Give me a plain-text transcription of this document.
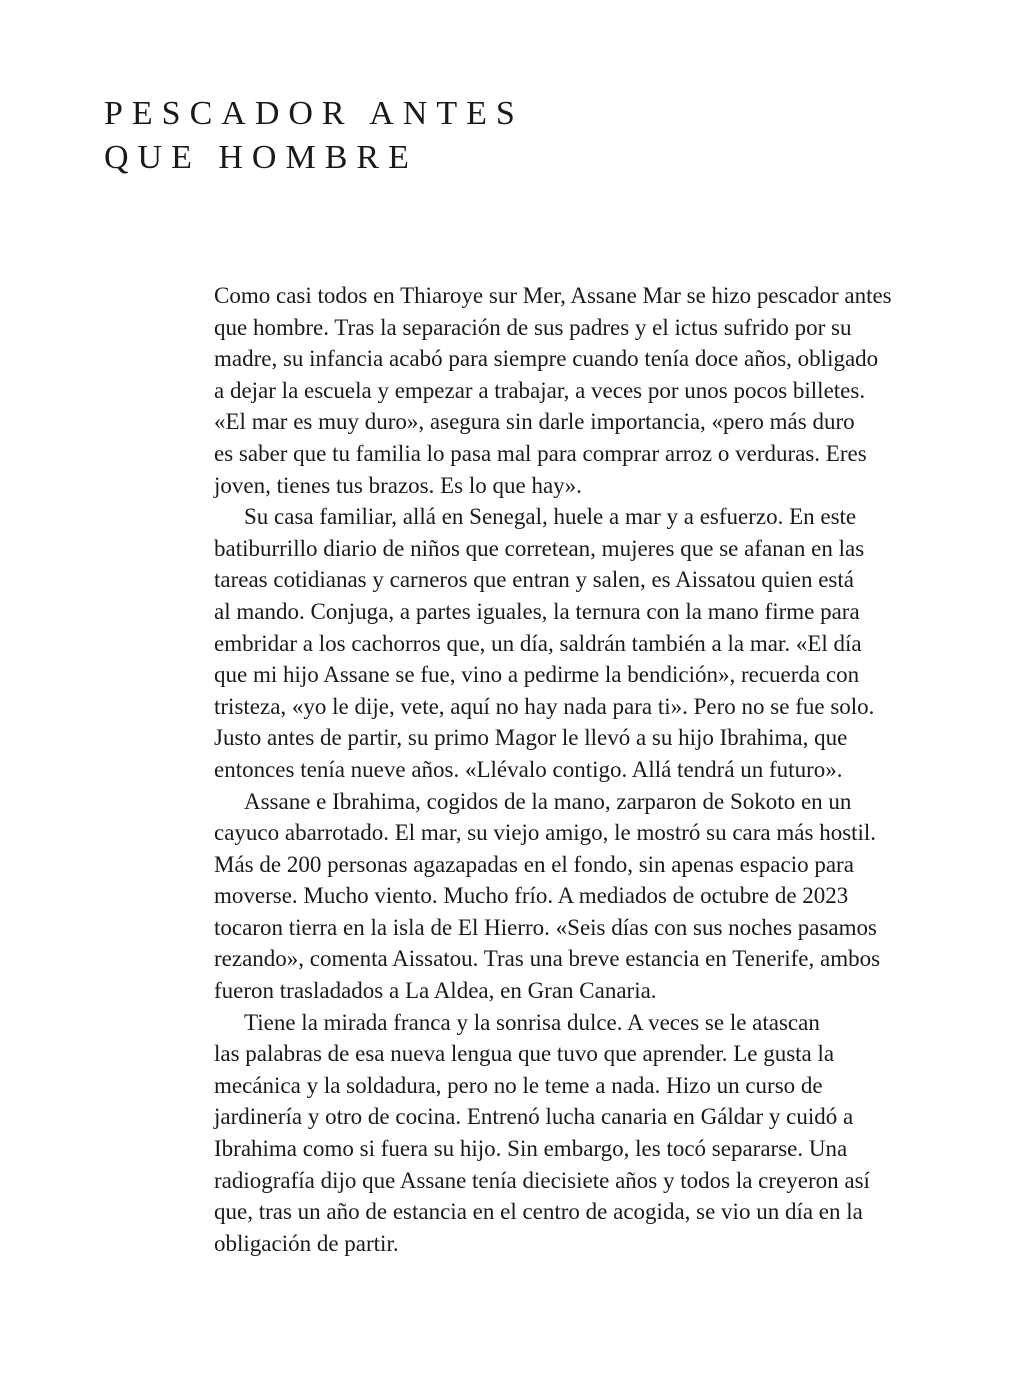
PESCADOR ANTES
QUE HOMBRE

Como casi todos en Thiaroye sur Mer, Assane Mar se hizo pescador antes
que hombre. Tras la separación de sus padres y el ictus sufrido por su
madre, su infancia acabó para siempre cuando tenía doce años, obligado
a dejar la escuela y empezar a trabajar, a veces por unos pocos billetes.
«El mar es muy duro», asegura sin darle importancia, «pero más duro
es saber que tu familia lo pasa mal para comprar arroz o verduras. Eres
joven, tienes tus brazos. Es lo que hay».

Su casa familiar, allá en Senegal, huele a mar y a esfuerzo. En este
batiburrillo diario de niños que corretean, mujeres que se afanan en las
tareas cotidianas y carneros que entran y salen, es Aissatou quien está
al mando. Conjuga, a partes iguales, la ternura con la mano firme para
embridar a los cachorros que, un día, saldrán también a la mar. «El día
que mi hijo Assane se fue, vino a pedirme la bendición», recuerda con
tristeza, «yo le dije, vete, aquí no hay nada para ti». Pero no se fue solo.
Justo antes de partir, su primo Magor le llevó a su hijo Ibrahima, que
entonces tenía nueve años. «Llévalo contigo. Allá tendrá un futuro».

Assane e Ibrahima, cogidos de la mano, zarparon de Sokoto en un
cayuco abarrotado. El mar, su viejo amigo, le mostró su cara más hostil.
Más de 200 personas agazapadas en el fondo, sin apenas espacio para
moverse. Mucho viento. Mucho frío. A mediados de octubre de 2023
tocaron tierra en la isla de El Hierro. «Seis días con sus noches pasamos
rezando», comenta Aissatou. Tras una breve estancia en Tenerife, ambos
fueron trasladados a La Aldea, en Gran Canaria.

Tiene la mirada franca y la sonrisa dulce. A veces se le atascan
las palabras de esa nueva lengua que tuvo que aprender. Le gusta la
mecánica y la soldadura, pero no le teme a nada. Hizo un curso de
jardinería y otro de cocina. Entrenó lucha canaria en Gáldar y cuidó a
Ibrahima como si fuera su hijo. Sin embargo, les tocó separarse. Una
radiografía dijo que Assane tenía diecisiete años y todos la creyeron así
que, tras un año de estancia en el centro de acogida, se vio un día en la
obligación de partir.
